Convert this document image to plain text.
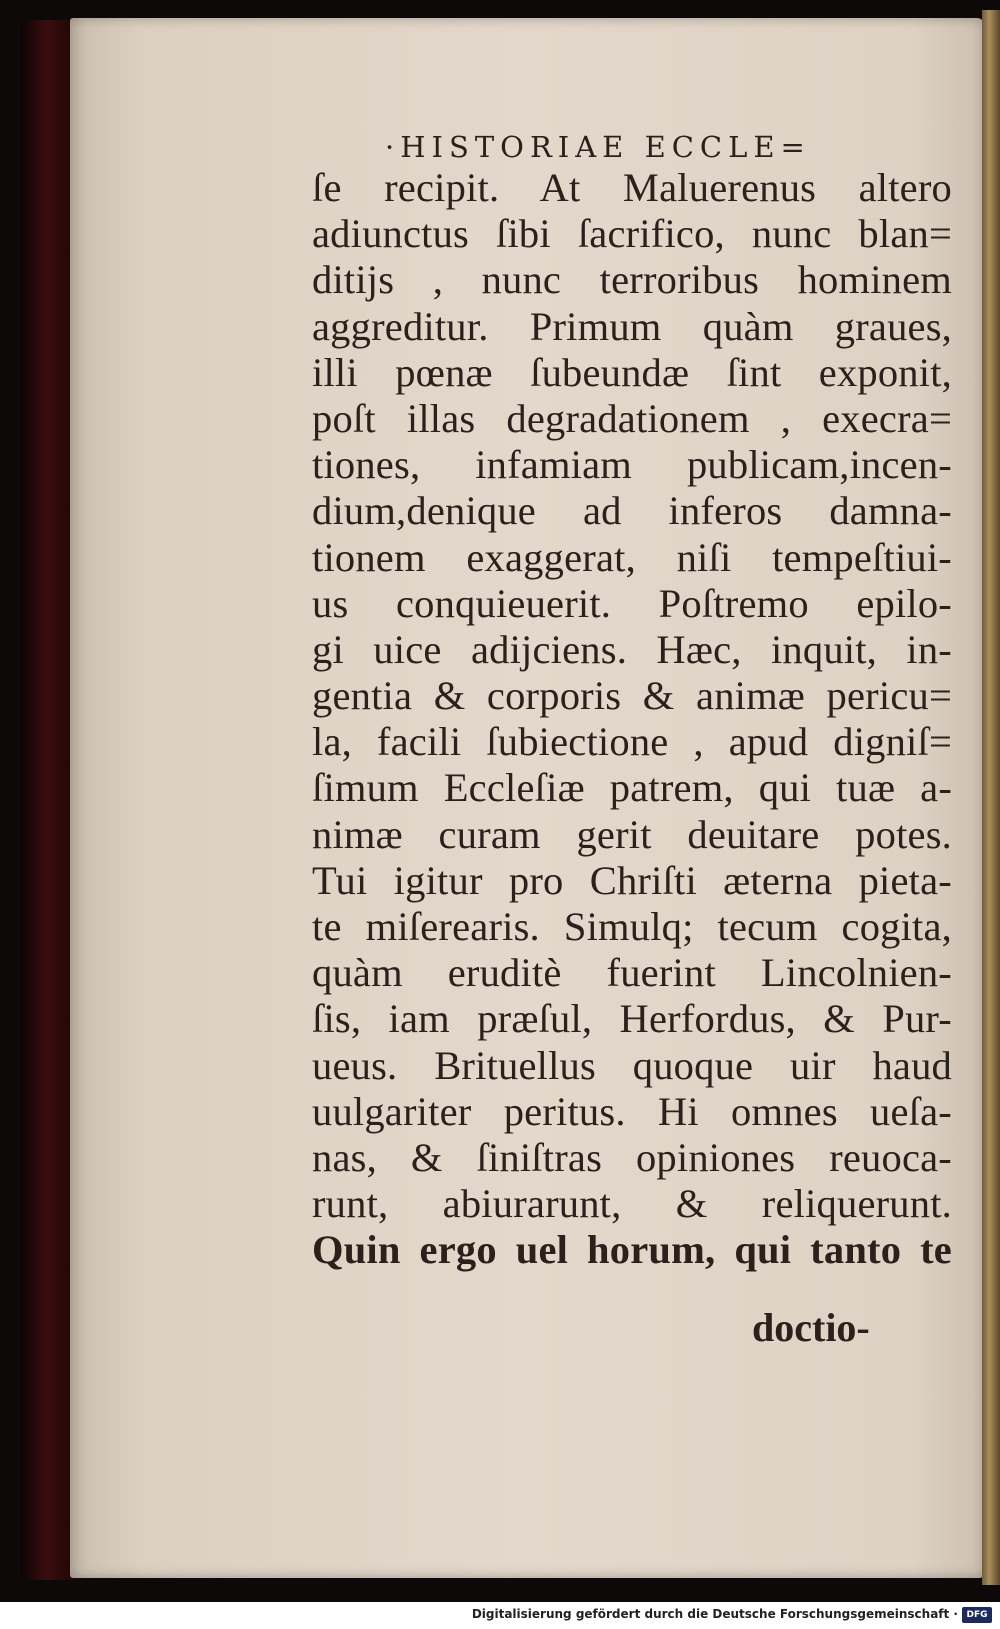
·HISTORIAE ECCLE=
ſe recipit. At Maluerenus altero
adiunctus ſibi ſacrifico, nunc blan=
ditijs , nunc terroribus hominem
aggreditur. Primum quàm graues,
illi pœnæ ſubeundæ ſint exponit,
poſt illas degradationem , execra=
tiones, infamiam publicam,incen-
dium,denique ad inferos damna-
tionem exaggerat, niſi tempeſtiui-
us conquieuerit. Poſtremo epilo-
gi uice adijciens. Hæc, inquit, in-
gentia & corporis & animæ pericu=
la, facili ſubiectione , apud digniſ=
ſimum Eccleſiæ patrem, qui tuæ a-
nimæ curam gerit deuitare potes.
Tui igitur pro Chriſti æterna pieta-
te miſerearis. Simulq; tecum cogita,
quàm eruditè fuerint Lincolnien-
ſis, iam præſul, Herfordus, & Pur-
ueus. Brituellus quoque uir haud
uulgariter peritus. Hi omnes ueſa-
nas, & ſiniſtras opiniones reuoca-
runt, abiurarunt, & reliquerunt.
Quin ergo uel horum, qui tanto te
doctio-
Digitalisierung gefördert durch die Deutsche Forschungsgemeinschaft · DFG
